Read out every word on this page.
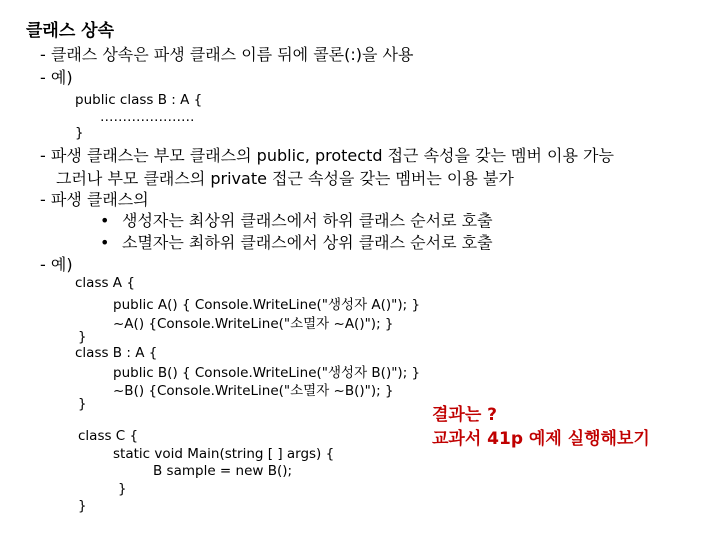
클래스 상속
- 클래스 상속은 파생 클래스 이름 뒤에 콜론(:)을 사용
- 예)
public class B : A {
…………………
}
- 파생 클래스는 부모 클래스의 public, protectd 접근 속성을 갖는 멤버 이용 가능
그러나 부모 클래스의 private 접근 속성을 갖는 멤버는 이용 불가
- 파생 클래스의
• 생성자는 최상위 클래스에서 하위 클래스 순서로 호출
• 소멸자는 최하위 클래스에서 상위 클래스 순서로 호출
- 예)
class A {
public A() { Console.WriteLine("생성자 A()"); }
~A() {Console.WriteLine("소멸자 ~A()"); }
}
class B : A {
public B() { Console.WriteLine("생성자 B()"); }
~B() {Console.WriteLine("소멸자 ~B()"); }
}
class C {
static void Main(string [ ] args) {
B sample = new B();
}
}
결과는 ?
교과서 41p 예제 실행해보기
